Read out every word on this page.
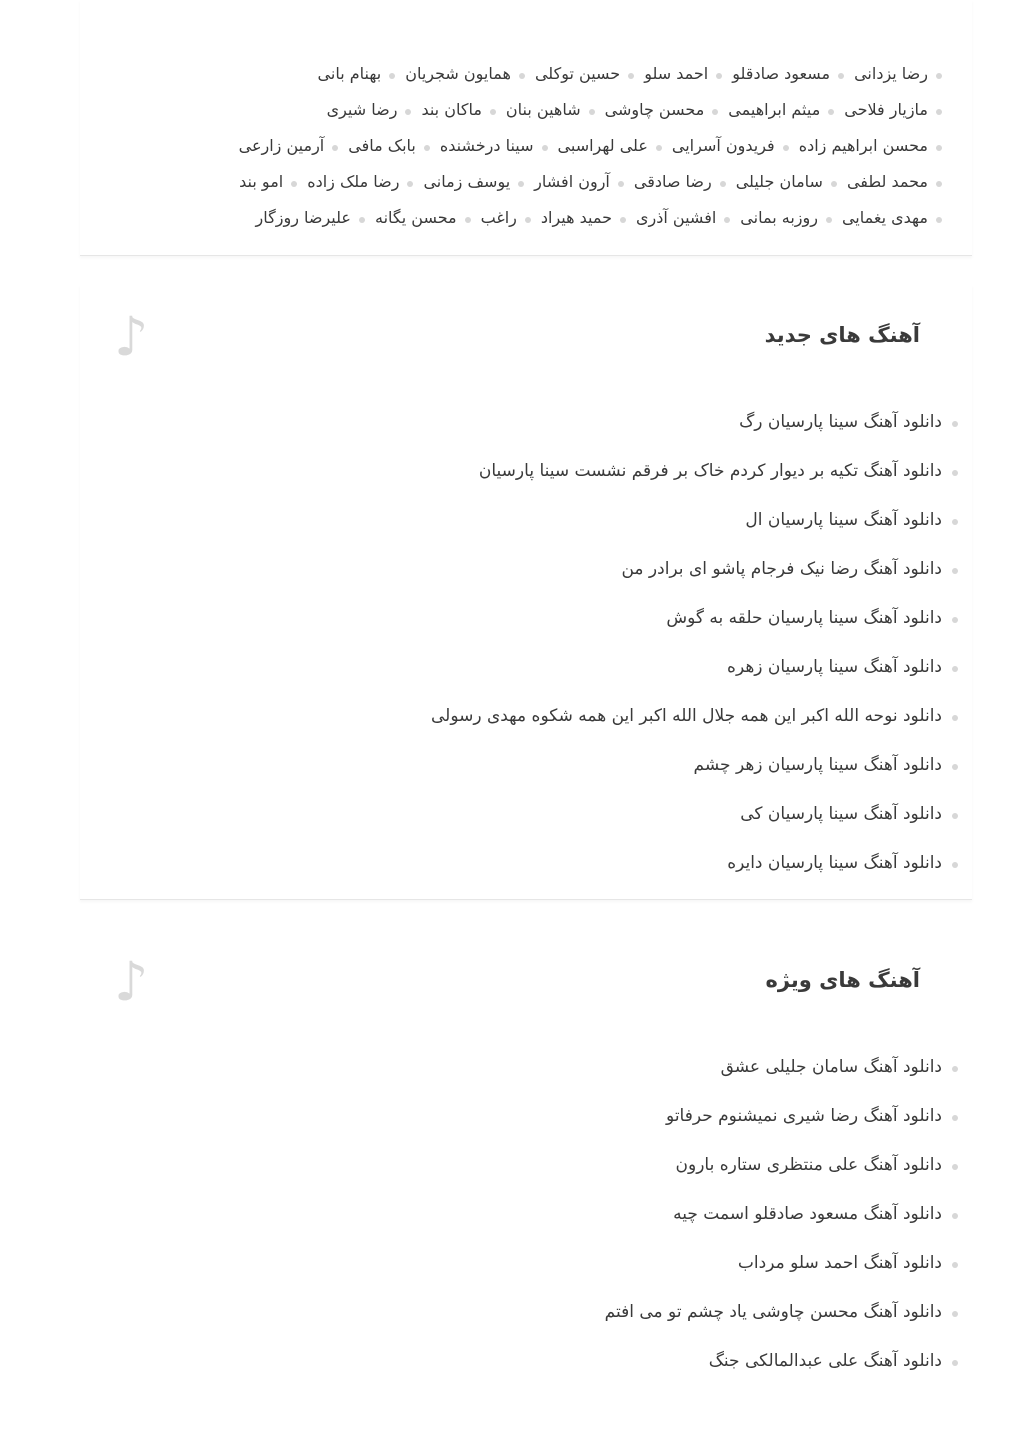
رضا یزدانی
مسعود صادقلو
احمد سلو
حسین توکلی
همایون شجریان
بهنام بانی
مازیار فلاحی
میثم ابراهیمی
محسن چاوشی
شاهین بنان
ماکان بند
رضا شیری
محسن ابراهیم زاده
فریدون آسرایی
علی لهراسبی
سینا درخشنده
بابک مافی
آرمین زارعی
محمد لطفی
سامان جلیلی
رضا صادقی
آرون افشار
یوسف زمانی
رضا ملک زاده
امو بند
مهدی یغمایی
روزبه بمانی
افشین آذری
حمید هیراد
راغب
محسن یگانه
علیرضا روزگار
آهنگ های جدید
♪
دانلود آهنگ سینا پارسیان رگ
دانلود آهنگ تکیه بر دیوار کردم خاک بر فرقم نشست سینا پارسیان
دانلود آهنگ سینا پارسیان ال
دانلود آهنگ رضا نیک فرجام پاشو ای برادر من
دانلود آهنگ سینا پارسیان حلقه به گوش
دانلود آهنگ سینا پارسیان زهره
دانلود نوحه الله اکبر این همه جلال الله اکبر این همه شکوه مهدی رسولی
دانلود آهنگ سینا پارسیان زهر چشم
دانلود آهنگ سینا پارسیان کی
دانلود آهنگ سینا پارسیان دایره
آهنگ های ویژه
♪
دانلود آهنگ سامان جلیلی عشق
دانلود آهنگ رضا شیری نمیشنوم حرفاتو
دانلود آهنگ علی منتظری ستاره بارون
دانلود آهنگ مسعود صادقلو اسمت چیه
دانلود آهنگ احمد سلو مرداب
دانلود آهنگ محسن چاوشی یاد چشم تو می افتم
دانلود آهنگ علی عبدالمالکی جنگ
